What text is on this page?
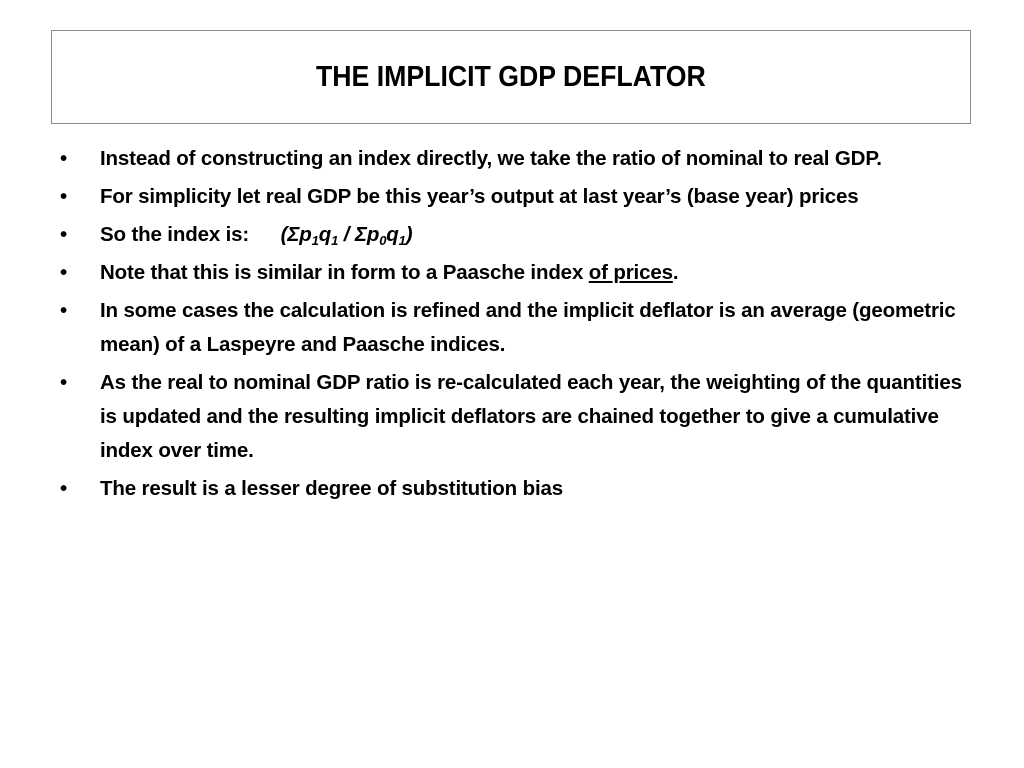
THE IMPLICIT GDP DEFLATOR
•	Instead of constructing an index directly, we take the ratio of nominal to real GDP.
•	For simplicity let real GDP be this year’s output at last year’s (base year) prices
•	So the index is: $(\Sigma p_1q_1 / \Sigma p_0q_1)$
•	Note that this is similar in form to a Paasche index of prices.
•	In some cases the calculation is refined and the implicit deflator is an average (geometric mean) of a Laspeyre and Paasche indices.
•	As the real to nominal GDP ratio is re-calculated each year, the weighting of the quantities is updated and the resulting implicit deflators are chained together to give a cumulative index over time.
•	The result is a lesser degree of substitution bias
